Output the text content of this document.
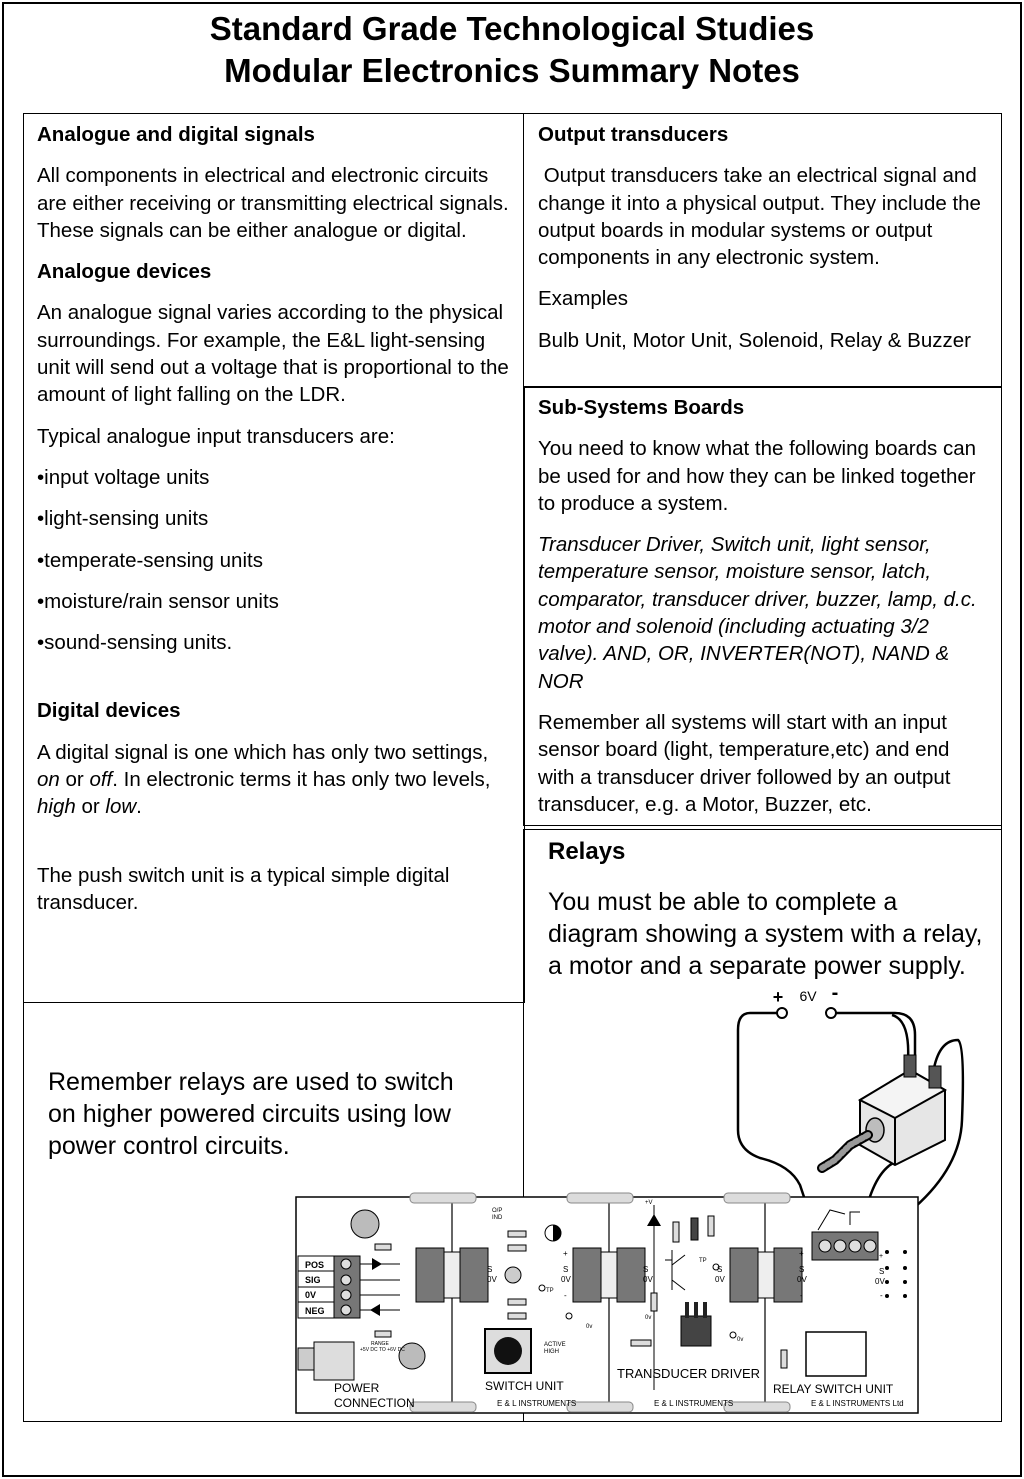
Standard Grade Technological Studies
Modular Electronics Summary Notes

Analogue and digital signals

All components in electrical and electronic circuits are either receiving or transmitting electrical signals. These signals can be either analogue or digital.

Analogue devices

An analogue signal varies according to the physical surroundings. For example, the E&L light-sensing unit will send out a voltage that is proportional to the amount of light falling on the LDR.

Typical analogue input transducers are:

•input voltage units

•light-sensing units

•temperate-sensing units

•moisture/rain sensor units

•sound-sensing units.

Digital devices

A digital signal is one which has only two settings, on or off. In electronic terms it has only two levels, high or low.

The push switch unit is a typical simple digital transducer.

Output transducers

Output transducers take an electrical signal and change it into a physical output. They include the output boards in modular systems or output components in any electronic system.

Examples

Bulb Unit, Motor Unit, Solenoid, Relay & Buzzer

Sub-Systems Boards

You need to know what the following boards can be used for and how they can be linked together to produce a system.

Transducer Driver, Switch unit, light sensor, temperature sensor, moisture sensor, latch, comparator, transducer driver, buzzer, lamp, d.c. motor and solenoid (including actuating 3/2 valve). AND, OR, INVERTER(NOT), NAND & NOR

Remember all systems will start with an input sensor board (light, temperature,etc) and end with a transducer driver followed by an output transducer, e.g. a Motor, Buzzer, etc.

Relays
You must be able to complete a diagram showing a system with a relay, a motor and a separate power supply.
Remember relays are used to switch on higher powered circuits using low power control circuits.
+ 6V -
POS
SIG
0V
NEG
RANGE
+5V DC TO +6V DC
POWER
CONNECTION
O/P
IND
S
0V
TP
ACTIVE
HIGH
SWITCH UNIT
E & L INSTRUMENTS
+V
TP
0v
S
0V
0v
TRANSDUCER DRIVER
E & L INSTRUMENTS
0v
+
S
0V
-
+
S
0V
-
S
0V
+
S
0V
-
RELAY SWITCH UNIT
E & L INSTRUMENTS Ltd
